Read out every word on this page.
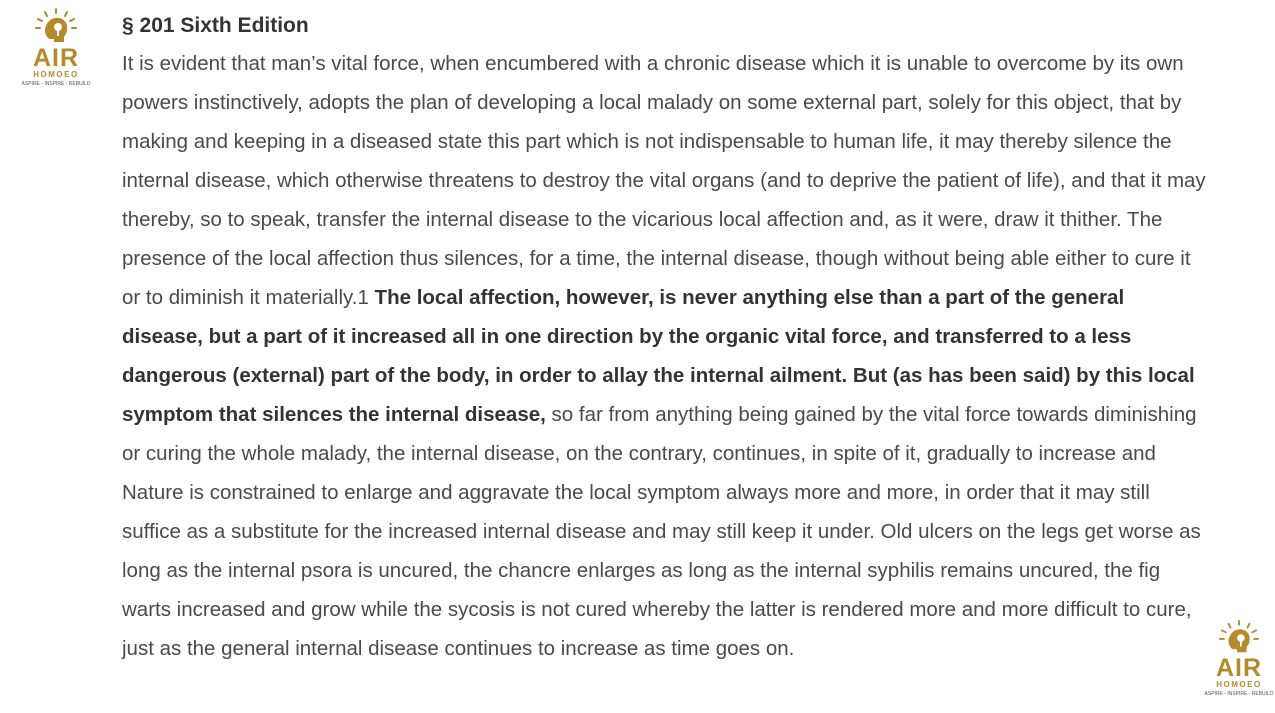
AIR
HOMOEO
ASPIRE - INSPIRE - REBUILD
§ 201 Sixth Edition

It is evident that man’s vital force, when encumbered with a chronic disease which it is unable to overcome by its own powers instinctively, adopts the plan of developing a local malady on some external part, solely for this object, that by making and keeping in a diseased state this part which is not indispensable to human life, it may thereby silence the internal disease, which otherwise threatens to destroy the vital organs (and to deprive the patient of life), and that it may thereby, so to speak, transfer the internal disease to the vicarious local affection and, as it were, draw it thither. The presence of the local affection thus silences, for a time, the internal disease, though without being able either to cure it or to diminish it materially.1 The local affection, however, is never anything else than a part of the general disease, but a part of it increased all in one direction by the organic vital force, and transferred to a less dangerous (external) part of the body, in order to allay the internal ailment. But (as has been said) by this local symptom that silences the internal disease, so far from anything being gained by the vital force towards diminishing or curing the whole malady, the internal disease, on the contrary, continues, in spite of it, gradually to increase and Nature is constrained to enlarge and aggravate the local symptom always more and more, in order that it may still suffice as a substitute for the increased internal disease and may still keep it under. Old ulcers on the legs get worse as long as the internal psora is uncured, the chancre enlarges as long as the internal syphilis remains uncured, the fig warts increased and grow while the sycosis is not cured whereby the latter is rendered more and more difficult to cure, just as the general internal disease continues to increase as time goes on.

AIR
HOMOEO
ASPIRE - INSPIRE - REBUILD
